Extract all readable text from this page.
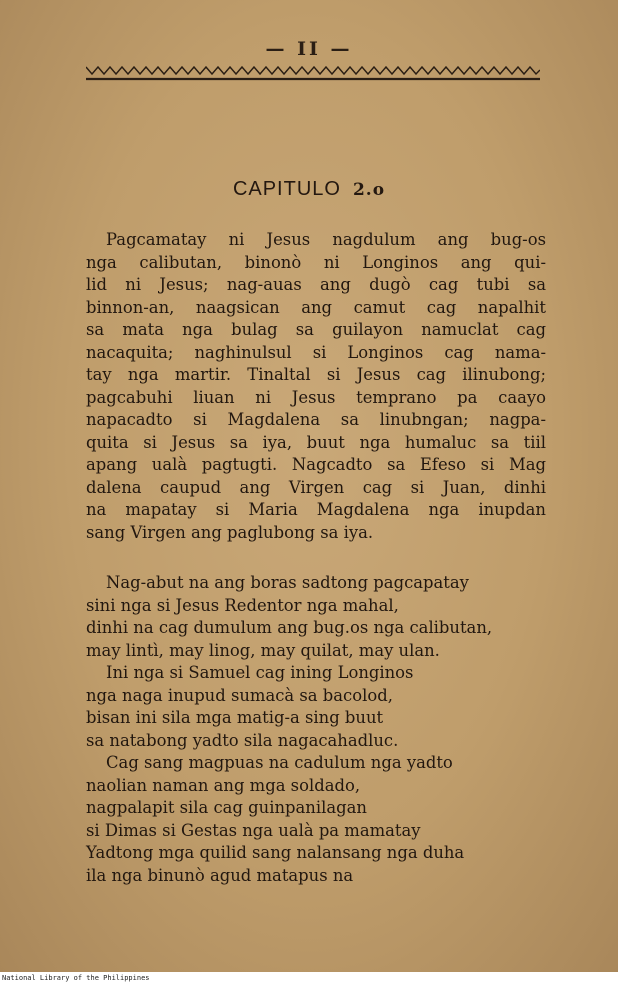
— II —
CAPITULO 2.o
Pagcamatay ni Jesus nagdulum ang bug-os
nga calibutan, binonò ni Longinos ang qui-
lid ni Jesus; nag-auas ang dugò cag tubi sa
binnon-an, naagsican ang camut cag napalhit
sa mata nga bulag sa guilayon namuclat cag
nacaquita; naghinulsul si Longinos cag nama-
tay nga martir. Tinaltal si Jesus cag ilinubong;
pagcabuhi liuan ni Jesus temprano pa caayo
napacadto si Magdalena sa linubngan; nagpa-
quita si Jesus sa iya, buut nga humaluc sa tiil
apang ualà pagtugti. Nagcadto sa Efeso si Mag
dalena caupud ang Virgen cag si Juan, dinhi
na mapatay si Maria Magdalena nga inupdan
sang Virgen ang paglubong sa iya.
Nag-abut na ang boras sadtong pagcapatay
sini nga si Jesus Redentor nga mahal,
dinhi na cag dumulum ang bug.os nga calibutan,
may lintì, may linog, may quilat, may ulan.
Ini nga si Samuel cag ining Longinos
nga naga inupud sumacà sa bacolod,
bisan ini sila mga matig-a sing buut
sa natabong yadto sila nagacahadluc.
Cag sang magpuas na cadulum nga yadto
naolian naman ang mga soldado,
nagpalapit sila cag guinpanilagan
si Dimas si Gestas nga ualà pa mamatay
Yadtong mga quilid sang nalansang nga duha
ila nga binunò agud matapus na
National Library of the Philippines
